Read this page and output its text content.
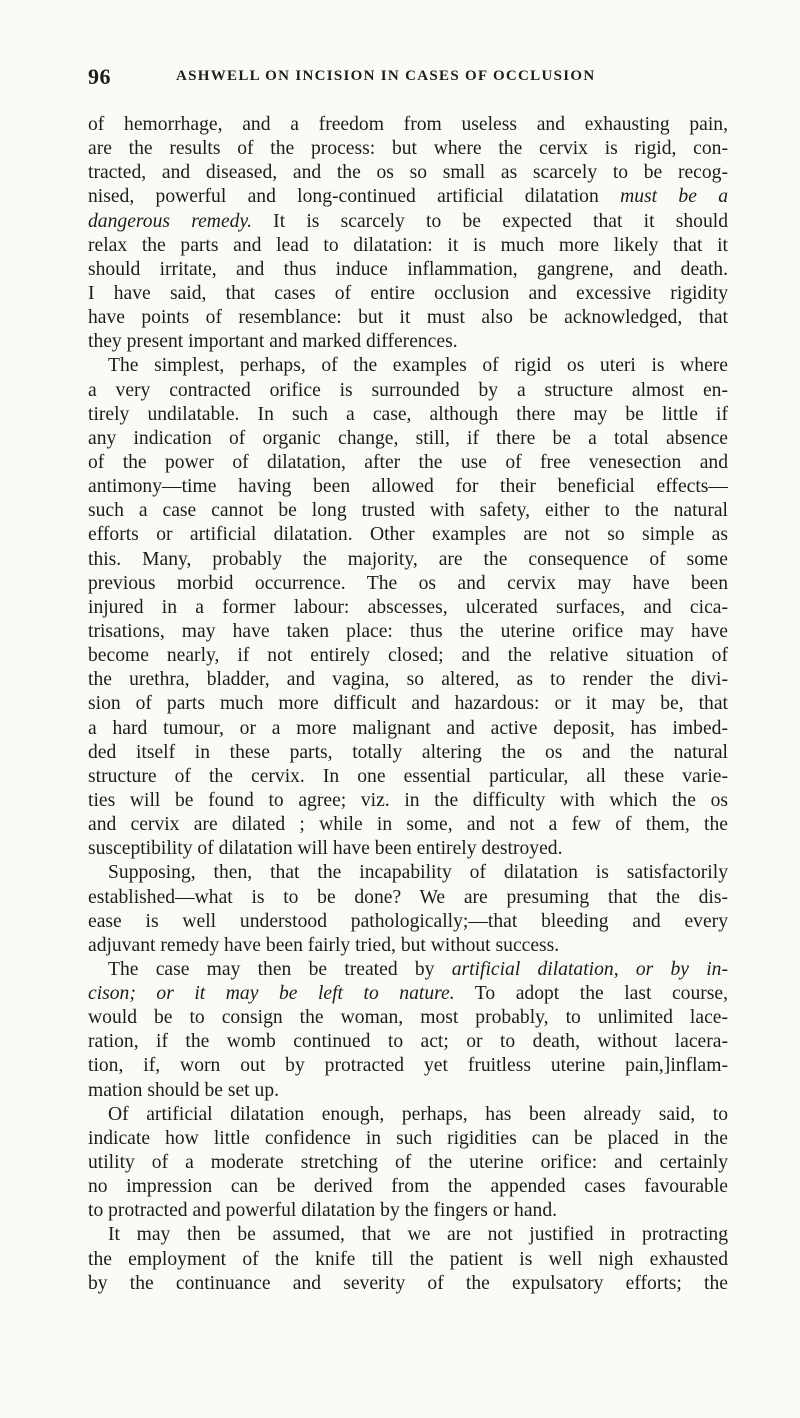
96	ASHWELL ON INCISION IN CASES OF OCCLUSION
of hemorrhage, and a freedom from useless and exhausting pain,
are the results of the process: but where the cervix is rigid, con-
tracted, and diseased, and the os so small as scarcely to be recog-
nised, powerful and long-continued artificial dilatation must be a
dangerous remedy. It is scarcely to be expected that it should
relax the parts and lead to dilatation: it is much more likely that it
should irritate, and thus induce inflammation, gangrene, and death.
I have said, that cases of entire occlusion and excessive rigidity
have points of resemblance: but it must also be acknowledged, that
they present important and marked differences.
The simplest, perhaps, of the examples of rigid os uteri is where
a very contracted orifice is surrounded by a structure almost en-
tirely undilatable. In such a case, although there may be little if
any indication of organic change, still, if there be a total absence
of the power of dilatation, after the use of free venesection and
antimony—time having been allowed for their beneficial effects—
such a case cannot be long trusted with safety, either to the natural
efforts or artificial dilatation. Other examples are not so simple as
this. Many, probably the majority, are the consequence of some
previous morbid occurrence. The os and cervix may have been
injured in a former labour: abscesses, ulcerated surfaces, and cica-
trisations, may have taken place: thus the uterine orifice may have
become nearly, if not entirely closed; and the relative situation of
the urethra, bladder, and vagina, so altered, as to render the divi-
sion of parts much more difficult and hazardous: or it may be, that
a hard tumour, or a more malignant and active deposit, has imbed-
ded itself in these parts, totally altering the os and the natural
structure of the cervix. In one essential particular, all these varie-
ties will be found to agree; viz. in the difficulty with which the os
and cervix are dilated ; while in some, and not a few of them, the
susceptibility of dilatation will have been entirely destroyed.
Supposing, then, that the incapability of dilatation is satisfactorily
established—what is to be done? We are presuming that the dis-
ease is well understood pathologically;—that bleeding and every
adjuvant remedy have been fairly tried, but without success.
The case may then be treated by artificial dilatation, or by in-
cison; or it may be left to nature. To adopt the last course,
would be to consign the woman, most probably, to unlimited lace-
ration, if the womb continued to act; or to death, without lacera-
tion, if, worn out by protracted yet fruitless uterine pain,]inflam-
mation should be set up.
Of artificial dilatation enough, perhaps, has been already said, to
indicate how little confidence in such rigidities can be placed in the
utility of a moderate stretching of the uterine orifice: and certainly
no impression can be derived from the appended cases favourable
to protracted and powerful dilatation by the fingers or hand.
It may then be assumed, that we are not justified in protracting
the employment of the knife till the patient is well nigh exhausted
by the continuance and severity of the expulsatory efforts; the
